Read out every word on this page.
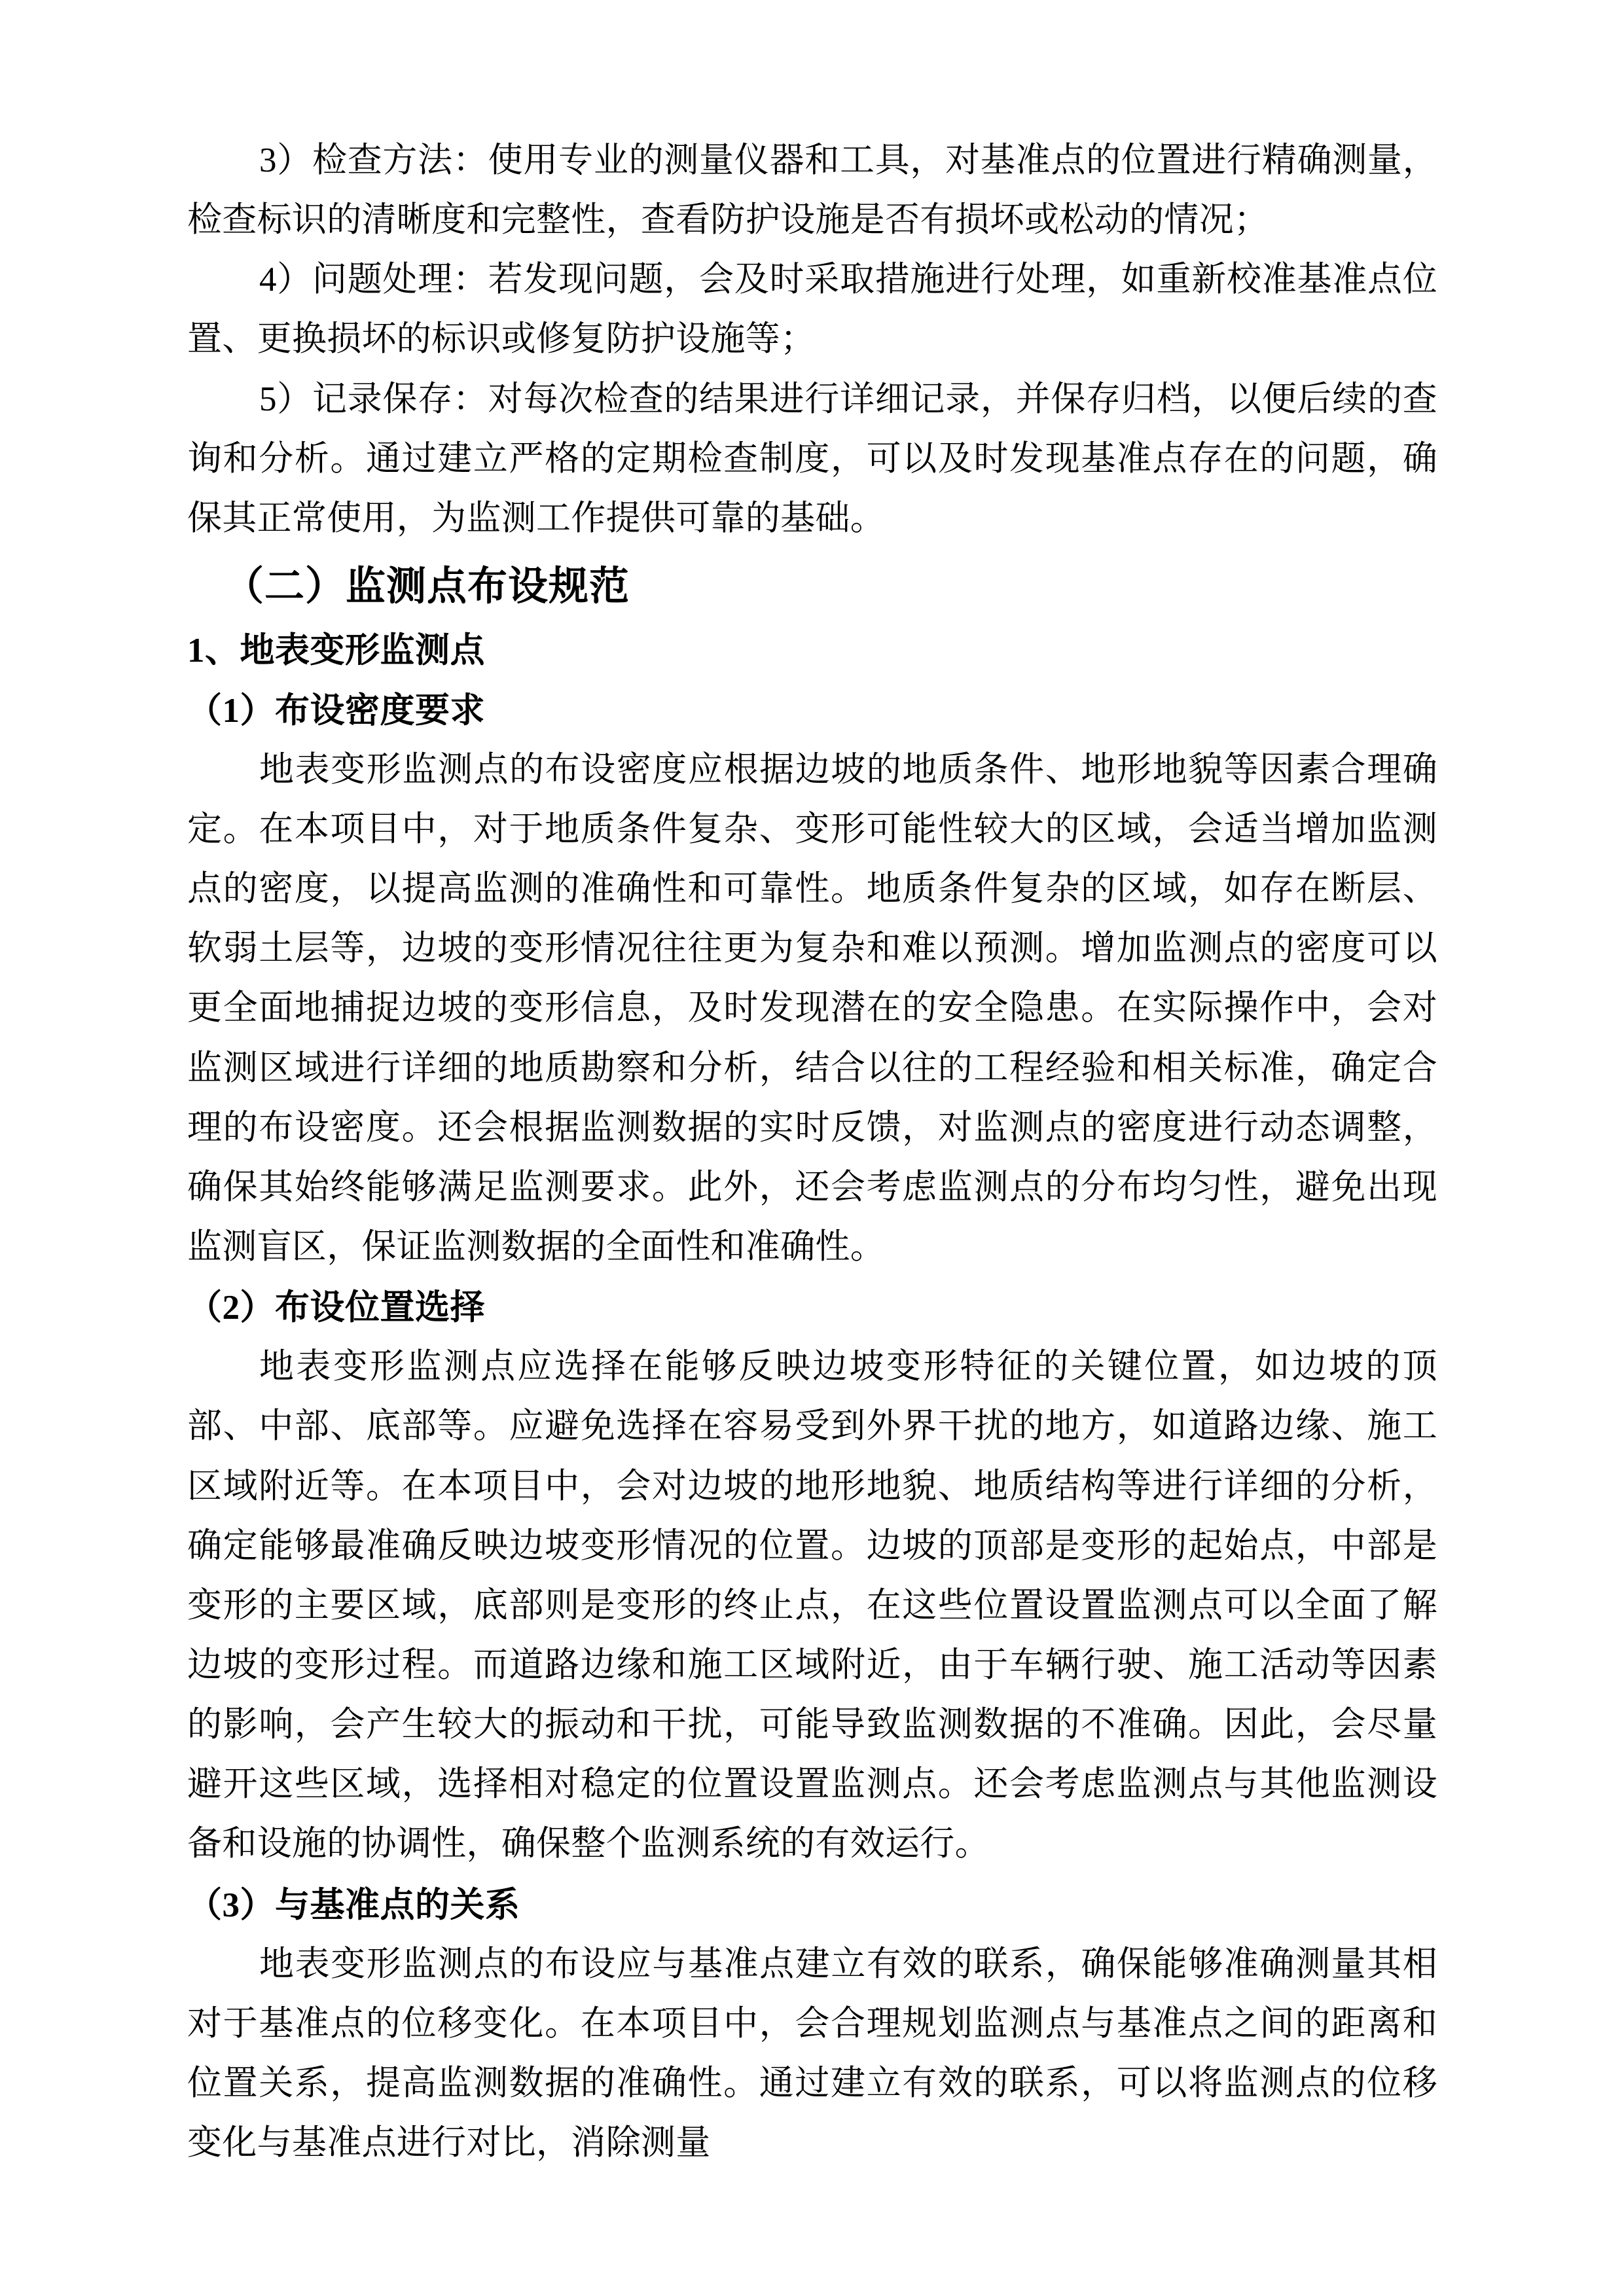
3）检查方法：使用专业的测量仪器和工具，对基准点的位置进行精确测量，检查标识的清晰度和完整性，查看防护设施是否有损坏或松动的情况；

4）问题处理：若发现问题，会及时采取措施进行处理，如重新校准基准点位置、更换损坏的标识或修复防护设施等；

5）记录保存：对每次检查的结果进行详细记录，并保存归档，以便后续的查询和分析。通过建立严格的定期检查制度，可以及时发现基准点存在的问题，确保其正常使用，为监测工作提供可靠的基础。

（二）监测点布设规范
1、地表变形监测点
（1）布设密度要求

地表变形监测点的布设密度应根据边坡的地质条件、地形地貌等因素合理确定。在本项目中，对于地质条件复杂、变形可能性较大的区域，会适当增加监测点的密度，以提高监测的准确性和可靠性。地质条件复杂的区域，如存在断层、软弱土层等，边坡的变形情况往往更为复杂和难以预测。增加监测点的密度可以更全面地捕捉边坡的变形信息，及时发现潜在的安全隐患。在实际操作中，会对监测区域进行详细的地质勘察和分析，结合以往的工程经验和相关标准，确定合理的布设密度。还会根据监测数据的实时反馈，对监测点的密度进行动态调整，确保其始终能够满足监测要求。此外，还会考虑监测点的分布均匀性，避免出现监测盲区，保证监测数据的全面性和准确性。

（2）布设位置选择

地表变形监测点应选择在能够反映边坡变形特征的关键位置，如边坡的顶部、中部、底部等。应避免选择在容易受到外界干扰的地方，如道路边缘、施工区域附近等。在本项目中，会对边坡的地形地貌、地质结构等进行详细的分析，确定能够最准确反映边坡变形情况的位置。边坡的顶部是变形的起始点，中部是变形的主要区域，底部则是变形的终止点，在这些位置设置监测点可以全面了解边坡的变形过程。而道路边缘和施工区域附近，由于车辆行驶、施工活动等因素的影响，会产生较大的振动和干扰，可能导致监测数据的不准确。因此，会尽量避开这些区域，选择相对稳定的位置设置监测点。还会考虑监测点与其他监测设备和设施的协调性，确保整个监测系统的有效运行。

（3）与基准点的关系

地表变形监测点的布设应与基准点建立有效的联系，确保能够准确测量其相对于基准点的位移变化。在本项目中，会合理规划监测点与基准点之间的距离和位置关系，提高监测数据的准确性。通过建立有效的联系，可以将监测点的位移变化与基准点进行对比，消除测量
